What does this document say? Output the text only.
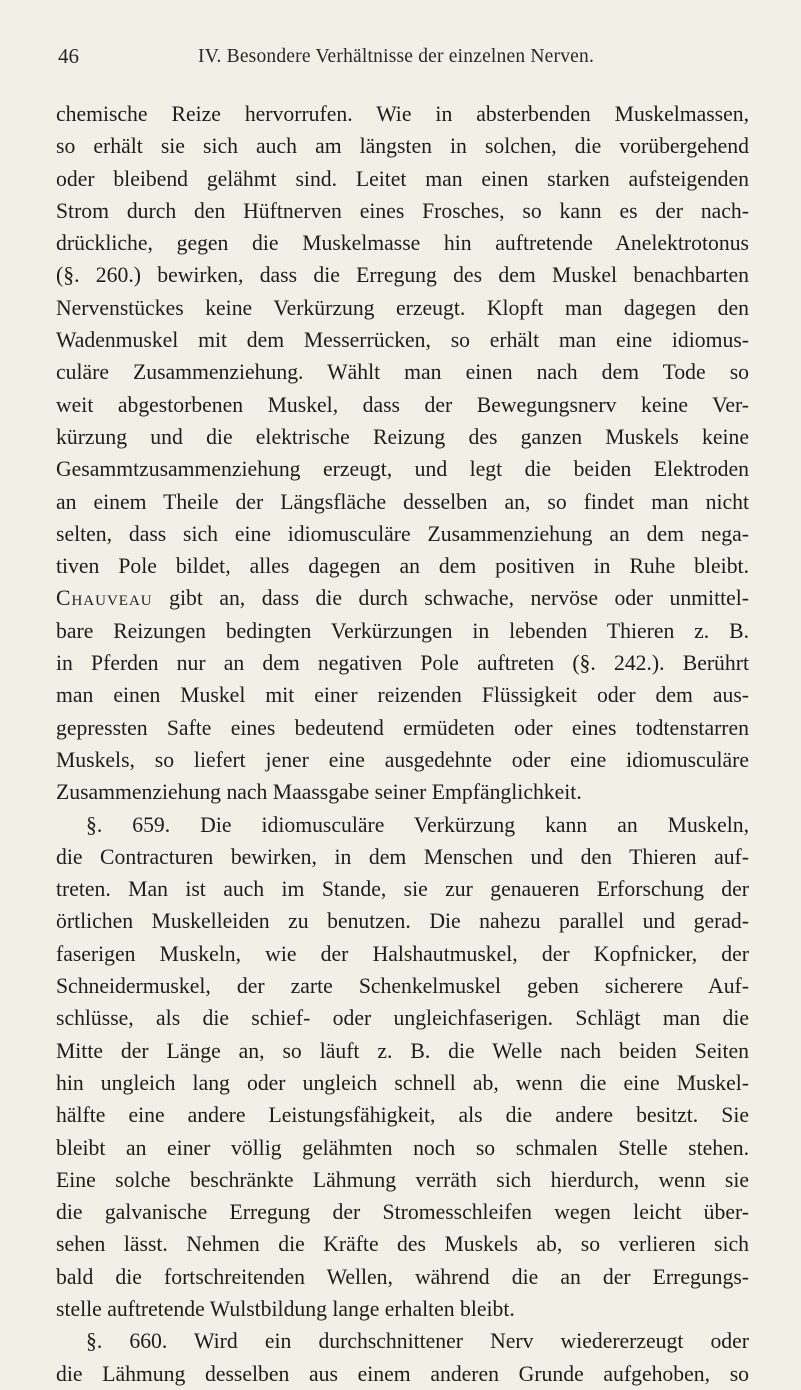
46	IV. Besondere Verhältnisse der einzelnen Nerven.
chemische Reize hervorrufen. Wie in absterbenden Muskelmassen,
so erhält sie sich auch am längsten in solchen, die vorübergehend
oder bleibend gelähmt sind. Leitet man einen starken aufsteigenden
Strom durch den Hüftnerven eines Frosches, so kann es der nach-
drückliche, gegen die Muskelmasse hin auftretende Anelektrotonus
(§. 260.) bewirken, dass die Erregung des dem Muskel benachbarten
Nervenstückes keine Verkürzung erzeugt. Klopft man dagegen den
Wadenmuskel mit dem Messerrücken, so erhält man eine idiomus-
culäre Zusammenziehung. Wählt man einen nach dem Tode so
weit abgestorbenen Muskel, dass der Bewegungsnerv keine Ver-
kürzung und die elektrische Reizung des ganzen Muskels keine
Gesammtzusammenziehung erzeugt, und legt die beiden Elektroden
an einem Theile der Längsfläche desselben an, so findet man nicht
selten, dass sich eine idiomusculäre Zusammenziehung an dem nega-
tiven Pole bildet, alles dagegen an dem positiven in Ruhe bleibt.
Chauveau gibt an, dass die durch schwache, nervöse oder unmittel-
bare Reizungen bedingten Verkürzungen in lebenden Thieren z. B.
in Pferden nur an dem negativen Pole auftreten (§. 242.). Berührt
man einen Muskel mit einer reizenden Flüssigkeit oder dem aus-
gepressten Safte eines bedeutend ermüdeten oder eines todtenstarren
Muskels, so liefert jener eine ausgedehnte oder eine idiomusculäre
Zusammenziehung nach Maassgabe seiner Empfänglichkeit.
§. 659. Die idiomusculäre Verkürzung kann an Muskeln,
die Contracturen bewirken, in dem Menschen und den Thieren auf-
treten. Man ist auch im Stande, sie zur genaueren Erforschung der
örtlichen Muskelleiden zu benutzen. Die nahezu parallel und gerad-
faserigen Muskeln, wie der Halshautmuskel, der Kopfnicker, der
Schneidermuskel, der zarte Schenkelmuskel geben sicherere Auf-
schlüsse, als die schief- oder ungleichfaserigen. Schlägt man die
Mitte der Länge an, so läuft z. B. die Welle nach beiden Seiten
hin ungleich lang oder ungleich schnell ab, wenn die eine Muskel-
hälfte eine andere Leistungsfähigkeit, als die andere besitzt. Sie
bleibt an einer völlig gelähmten noch so schmalen Stelle stehen.
Eine solche beschränkte Lähmung verräth sich hierdurch, wenn sie
die galvanische Erregung der Stromesschleifen wegen leicht über-
sehen lässt. Nehmen die Kräfte des Muskels ab, so verlieren sich
bald die fortschreitenden Wellen, während die an der Erregungs-
stelle auftretende Wulstbildung lange erhalten bleibt.
§. 660. Wird ein durchschnittener Nerv wiedererzeugt oder
die Lähmung desselben aus einem anderen Grunde aufgehoben, so
